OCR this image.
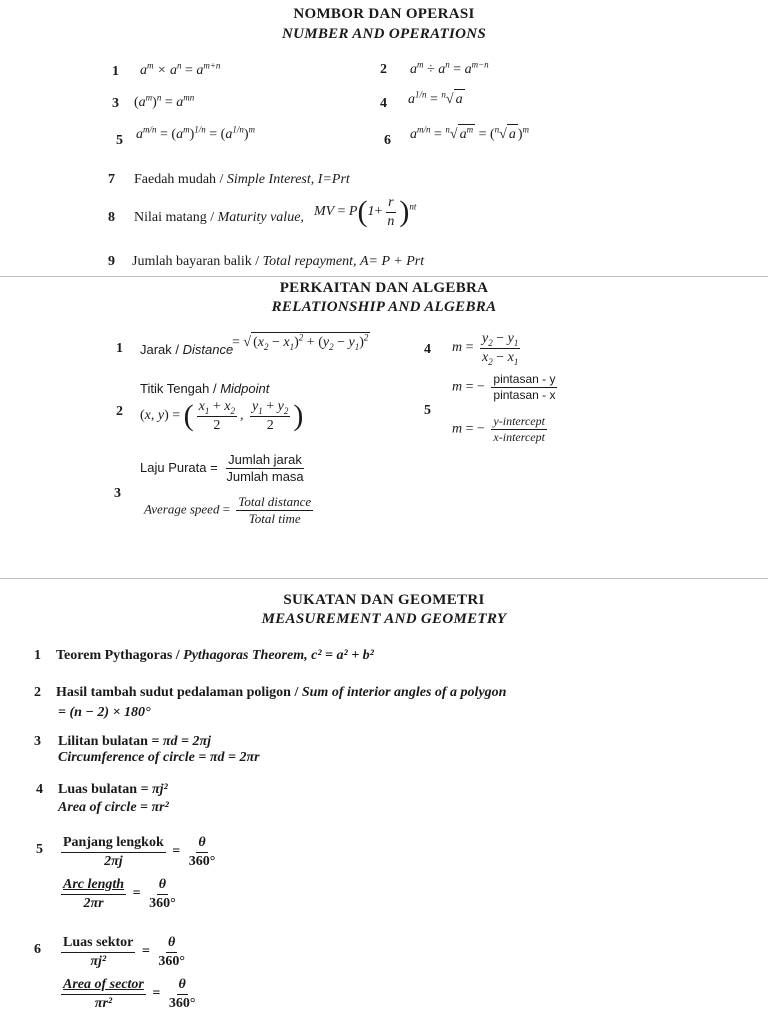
NOMBOR DAN OPERASI
NUMBER AND OPERATIONS
1 $a^m \times a^n = a^{m+n}$	2 $a^m \div a^n = a^{m-n}$
3 $(a^m)^n = a^{mn}$	4 $a^{1/n} = ^n√$ a
5 $a^{m/n} = (a^m)^{1/n} = (a^{1/n})^m$
6 $a^{m/n} = ^n√$ $a^m = (^n√$ a )$^m$
7 Faedah mudah / Simple Interest, I=Prt
8 Nilai matang / Maturity value, MV = $P(1+ \frac{r}{n} )^{nt}$
9 Jumlah bayaran balik / Total repayment, A= P + Prt
PERKAITAN DAN ALGEBRA
RELATIONSHIP AND ALGEBRA
1 Jarak / Distance
= √ $(x_2 - x_1)^2 + (y_2 - y_1)^2$
4 $m = \frac{y_2 - y_1}{x_2 - x_1}$
Titik Tengah / Midpoint
2 (x, y) = ( $\frac{x_1 + x_2}{2}$ , $\frac{y_1 + y_2}{2}$ )	5
m = − $\frac{\text{pintasan - y}}{\text{pintasan - x}}$
m = − $\frac{\text{y-intercept}}{\text{x-intercept}}$
3
Laju Purata = $\frac{\text{Jumlah jarak}}{\text{Jumlah masa}}$
Average speed = $\frac{\text{Total distance}}{\text{Total time}}$
SUKATAN DAN GEOMETRI
MEASUREMENT AND GEOMETRY
1 Teorem Pythagoras / Pythagoras Theorem, c² = a² + b²
2 Hasil tambah sudut pedalaman poligon / Sum of interior angles of a polygon
= (n − 2) × 180°
3 Lilitan bulatan = πd = 2πj
Circumference of circle = πd = 2πr
4 Luas bulatan = πj²
Area of circle = πr²
$5 \frac{\text{Panjang lengkok}}{2\pi j} = \frac{\theta}{360^\circ}$
$\frac{\text{Arc length}}{2\pi r} = \frac{\theta}{360^\circ}$
$6 \frac{\text{Luas sektor}}{\text{πj²}} = \frac{\theta}{360^\circ}$
$\frac{\text{Area of sector}}{\text{πr²}} = \frac{\theta}{360^\circ}$
